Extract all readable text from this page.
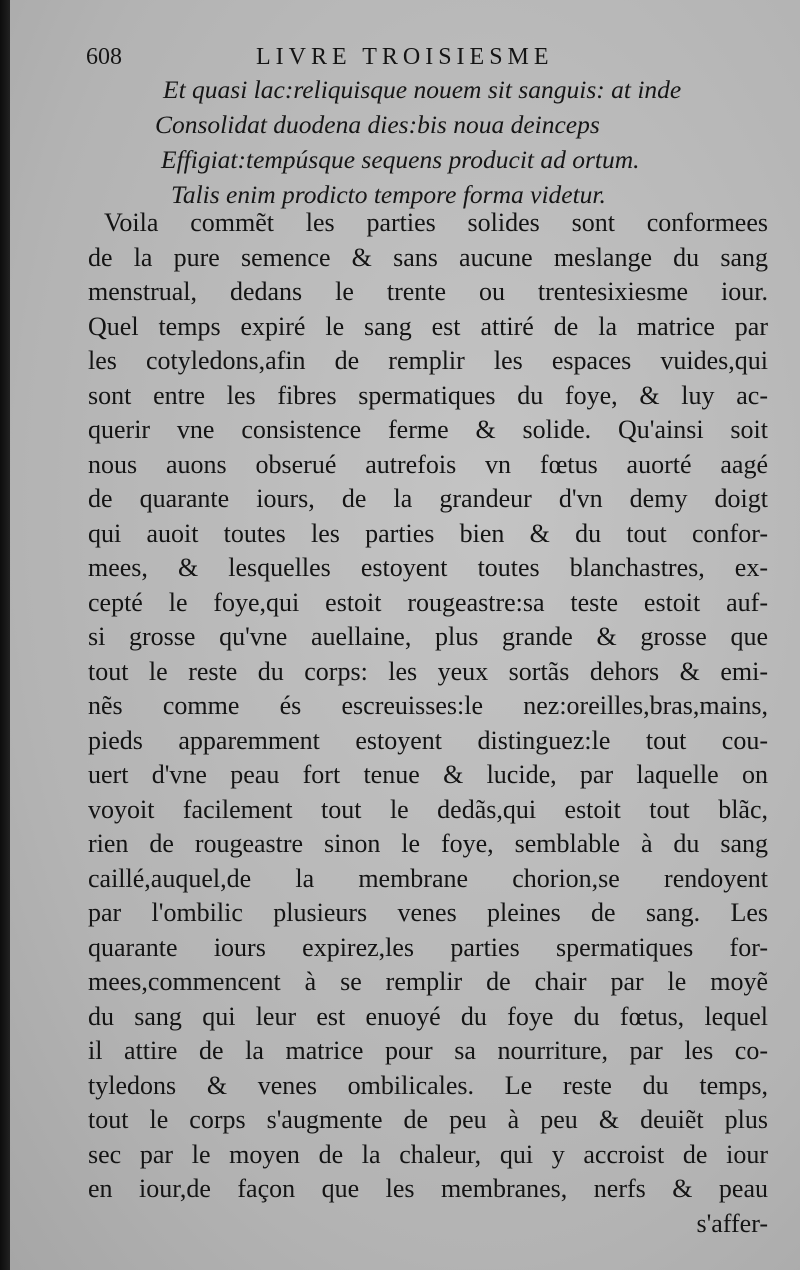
608	LIVRE TROISIESME
Et quasi lac:reliquisque nouem sit sanguis: at inde
Consolidat duodena dies:bis noua deinceps
Effigiat:tempúsque sequens producit ad ortum.
Talis enim prodicto tempore forma videtur.
Voila commẽt les parties solides sont conformees
de la pure semence & sans aucune meslange du sang
menstrual, dedans le trente ou trentesixiesme iour.
Quel temps expiré le sang est attiré de la matrice par
les cotyledons,afin de remplir les espaces vuides,qui
sont entre les fibres spermatiques du foye, & luy ac-
querir vne consistence ferme & solide. Qu'ainsi soit
nous auons obserué autrefois vn fœtus auorté aagé
de quarante iours, de la grandeur d'vn demy doigt
qui auoit toutes les parties bien & du tout confor-
mees, & lesquelles estoyent toutes blanchastres, ex-
cepté le foye,qui estoit rougeastre:sa teste estoit auf-
si grosse qu'vne auellaine, plus grande & grosse que
tout le reste du corps: les yeux sortãs dehors & emi-
nẽs comme és escreuisses:le nez:oreilles,bras,mains,
pieds apparemment estoyent distinguez:le tout cou-
uert d'vne peau fort tenue & lucide, par laquelle on
voyoit facilement tout le dedãs,qui estoit tout blãc,
rien de rougeastre sinon le foye, semblable à du sang
caillé,auquel,de la membrane chorion,se rendoyent
par l'ombilic plusieurs venes pleines de sang. Les
quarante iours expirez,les parties spermatiques for-
mees,commencent à se remplir de chair par le moyẽ
du sang qui leur est enuoyé du foye du fœtus, lequel
il attire de la matrice pour sa nourriture, par les co-
tyledons & venes ombilicales. Le reste du temps,
tout le corps s'augmente de peu à peu & deuiẽt plus
sec par le moyen de la chaleur, qui y accroist de iour
en iour,de façon que les membranes, nerfs & peau
s'affer-
